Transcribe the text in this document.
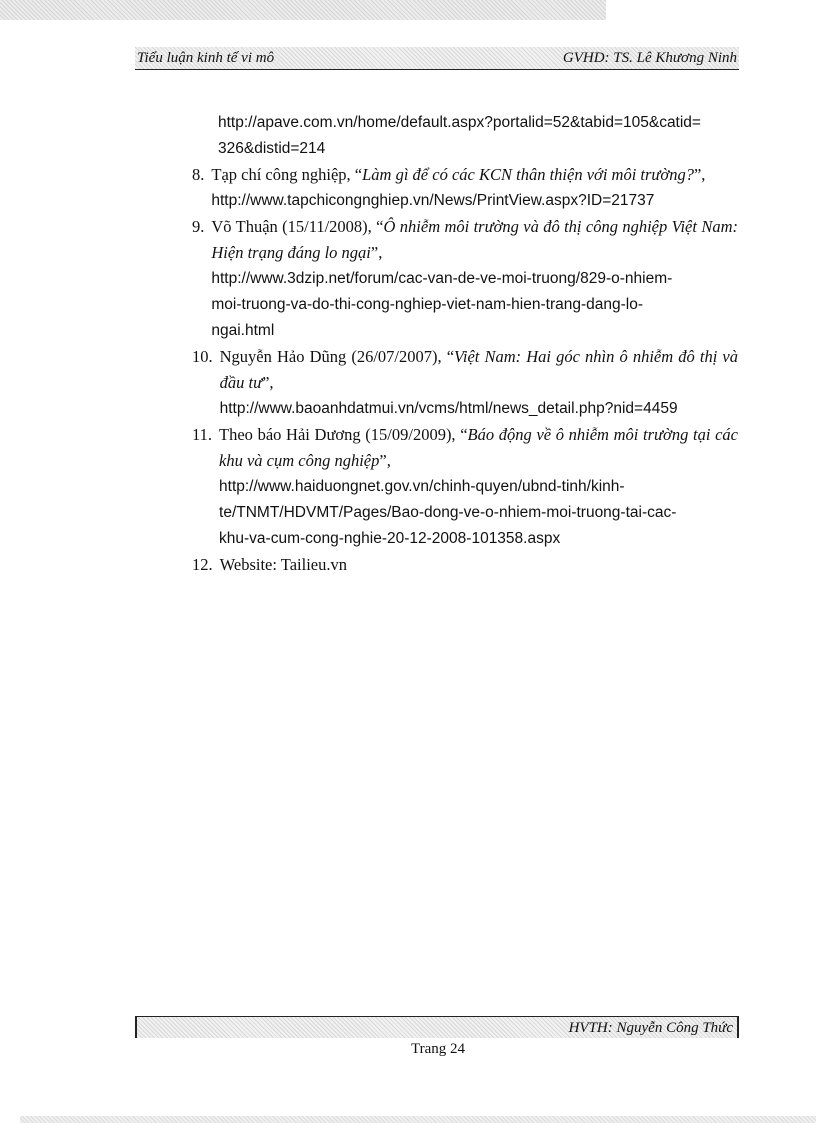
Tiểu luận kinh tế vi mô	GVHD: TS. Lê Khương Ninh
http://apave.com.vn/home/default.aspx?portalid=52&tabid=105&catid=
326&distid=214
8. Tạp chí công nghiệp, “Làm gì để có các KCN thân thiện với môi trường?”,
http://www.tapchicongnghiep.vn/News/PrintView.aspx?ID=21737
9. Võ Thuận (15/11/2008), “Ô nhiễm môi trường và đô thị công nghiệp Việt Nam: Hiện trạng đáng lo ngại”,
http://www.3dzip.net/forum/cac-van-de-ve-moi-truong/829-o-nhiem-
moi-truong-va-do-thi-cong-nghiep-viet-nam-hien-trang-dang-lo-
ngai.html
10. Nguyễn Hảo Dũng (26/07/2007), “Việt Nam: Hai góc nhìn ô nhiễm đô thị và đầu tư”,
http://www.baoanhdatmui.vn/vcms/html/news_detail.php?nid=4459
11. Theo báo Hải Dương (15/09/2009), “Báo động về ô nhiễm môi trường tại các khu và cụm công nghiệp”,
http://www.haiduongnet.gov.vn/chinh-quyen/ubnd-tinh/kinh-
te/TNMT/HDVMT/Pages/Bao-dong-ve-o-nhiem-moi-truong-tai-cac-
khu-va-cum-cong-nghie-20-12-2008-101358.aspx
12. Website: Tailieu.vn
HVTH: Nguyễn Công Thức
Trang 24
